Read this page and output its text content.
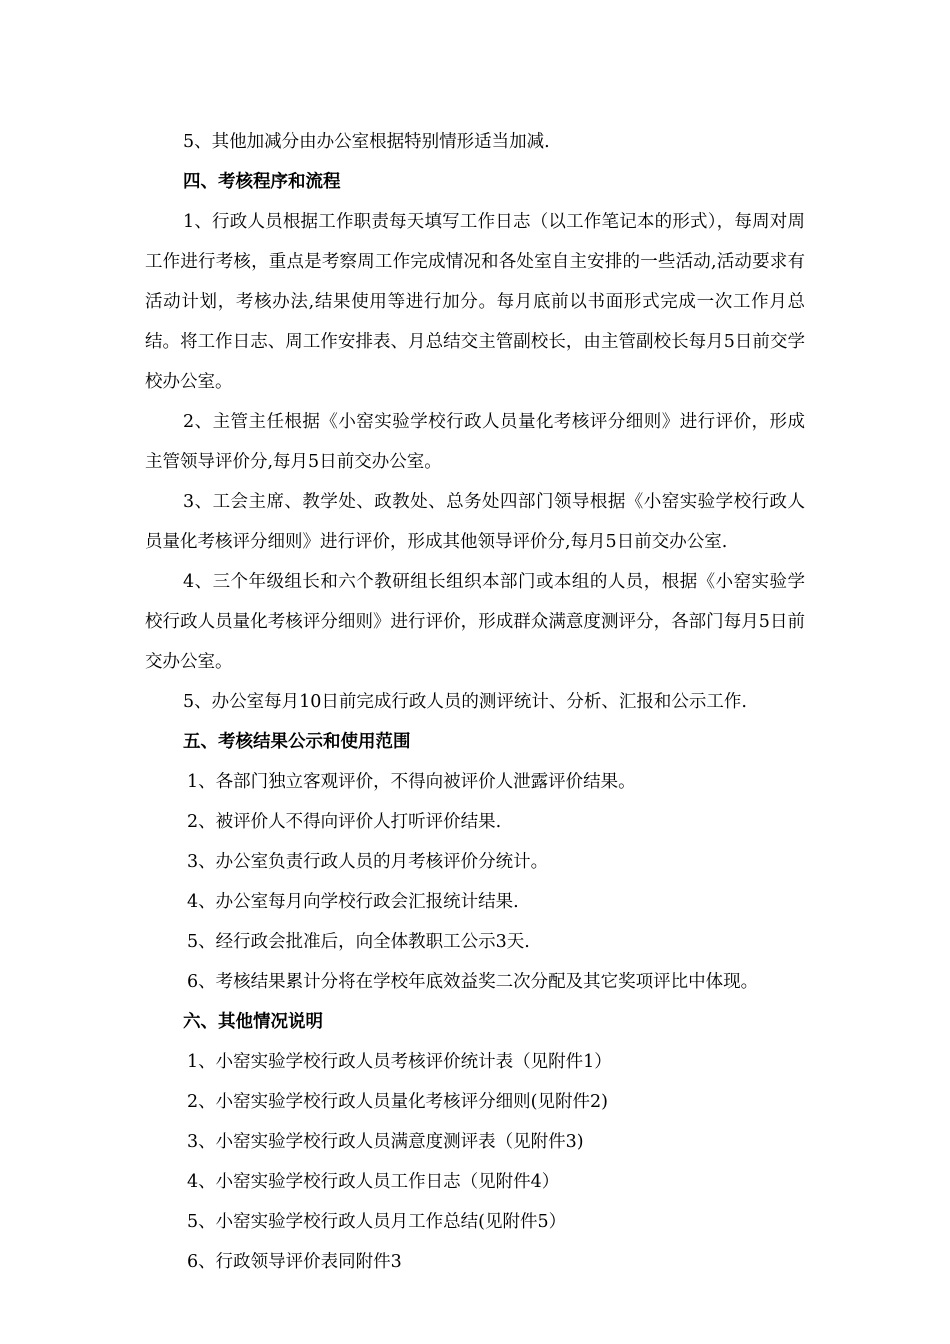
5、其他加减分由办公室根据特别情形适当加减.

四、考核程序和流程

1、行政人员根据工作职责每天填写工作日志（以工作笔记本的形式），每周对周工作进行考核，重点是考察周工作完成情况和各处室自主安排的一些活动,活动要求有活动计划，考核办法,结果使用等进行加分。每月底前以书面形式完成一次工作月总结。将工作日志、周工作安排表、月总结交主管副校长，由主管副校长每月5日前交学校办公室。

2、主管主任根据《小窑实验学校行政人员量化考核评分细则》进行评价，形成主管领导评价分,每月5日前交办公室。

3、工会主席、教学处、政教处、总务处四部门领导根据《小窑实验学校行政人员量化考核评分细则》进行评价，形成其他领导评价分,每月5日前交办公室.

4、三个年级组长和六个教研组长组织本部门或本组的人员，根据《小窑实验学校行政人员量化考核评分细则》进行评价，形成群众满意度测评分，各部门每月5日前交办公室。

5、办公室每月10日前完成行政人员的测评统计、分析、汇报和公示工作.

五、考核结果公示和使用范围

1、各部门独立客观评价，不得向被评价人泄露评价结果。

2、被评价人不得向评价人打听评价结果.

3、办公室负责行政人员的月考核评价分统计。

4、办公室每月向学校行政会汇报统计结果.

5、经行政会批准后，向全体教职工公示3天.

6、考核结果累计分将在学校年底效益奖二次分配及其它奖项评比中体现。

六、其他情况说明

1、小窑实验学校行政人员考核评价统计表（见附件1）

2、小窑实验学校行政人员量化考核评分细则(见附件2)

3、小窑实验学校行政人员满意度测评表（见附件3)

4、小窑实验学校行政人员工作日志（见附件4）

5、小窑实验学校行政人员月工作总结(见附件5）

6、行政领导评价表同附件3
